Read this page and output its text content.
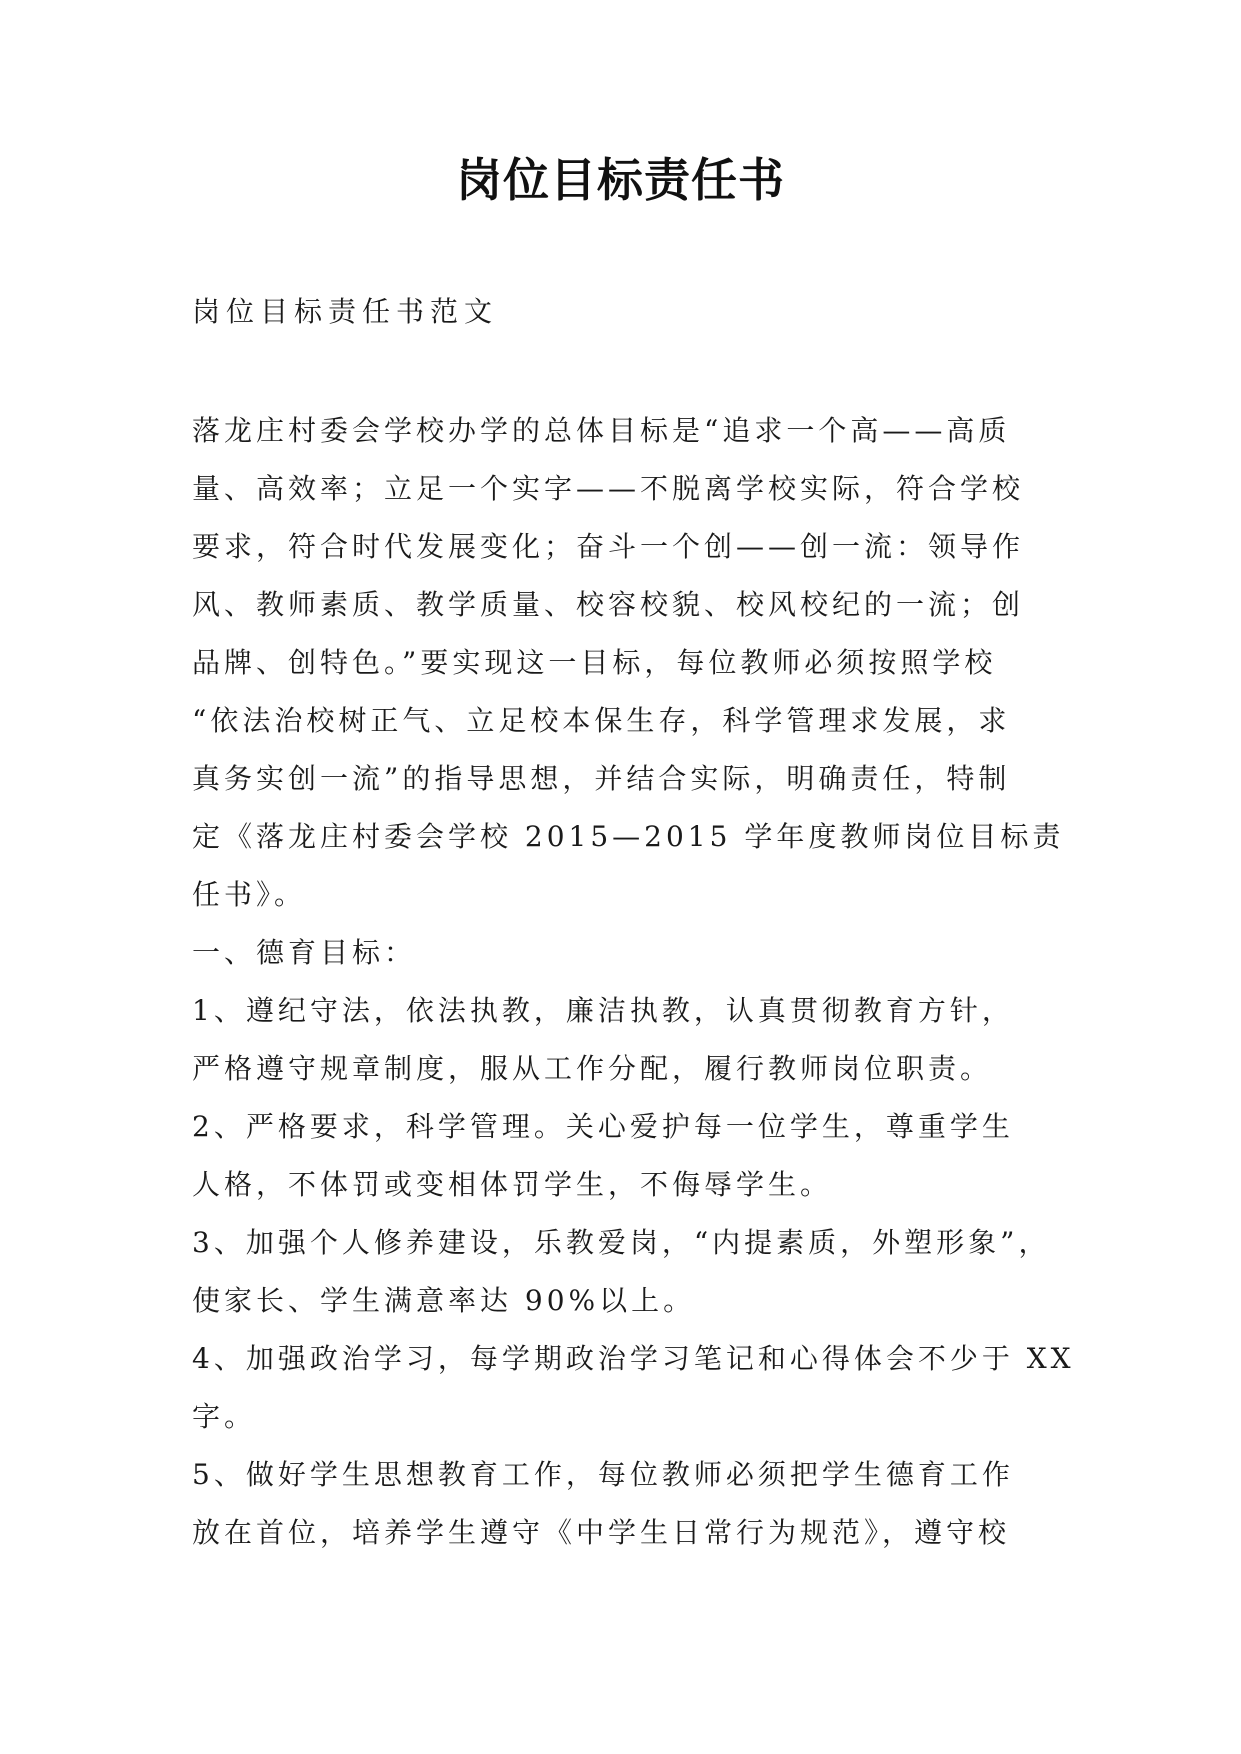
岗位目标责任书
岗位目标责任书范文
落龙庄村委会学校办学的总体目标是“追求一个高——高质
量、高效率；立足一个实字——不脱离学校实际，符合学校
要求，符合时代发展变化；奋斗一个创——创一流：领导作
风、教师素质、教学质量、校容校貌、校风校纪的一流；创
品牌、创特色。”要实现这一目标，每位教师必须按照学校
“依法治校树正气、立足校本保生存，科学管理求发展，求
真务实创一流”的指导思想，并结合实际，明确责任，特制
定《落龙庄村委会学校 2015—2015 学年度教师岗位目标责
任书》。
一、德育目标：
1、遵纪守法，依法执教，廉洁执教，认真贯彻教育方针，
严格遵守规章制度，服从工作分配，履行教师岗位职责。
2、严格要求，科学管理。关心爱护每一位学生，尊重学生
人格，不体罚或变相体罚学生，不侮辱学生。
3、加强个人修养建设，乐教爱岗，“内提素质，外塑形象”，
使家长、学生满意率达 90%以上。
4、加强政治学习，每学期政治学习笔记和心得体会不少于 XX
字。
5、做好学生思想教育工作，每位教师必须把学生德育工作
放在首位，培养学生遵守《中学生日常行为规范》，遵守校
